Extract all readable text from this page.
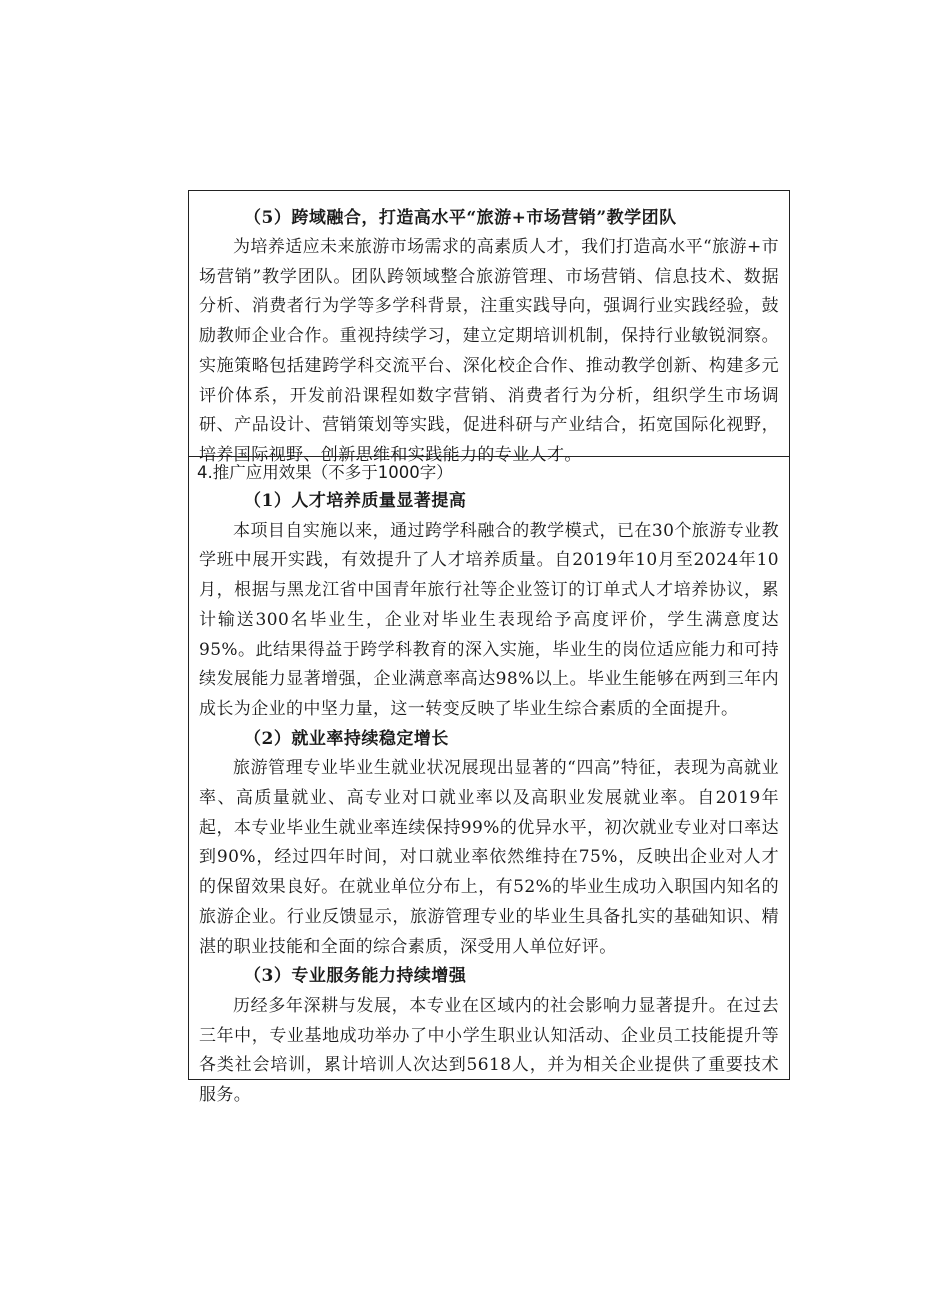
（5）跨域融合，打造高水平“旅游+市场营销”教学团队

为培养适应未来旅游市场需求的高素质人才，我们打造高水平“旅游+市场营销”教学团队。团队跨领域整合旅游管理、市场营销、信息技术、数据分析、消费者行为学等多学科背景，注重实践导向，强调行业实践经验，鼓励教师企业合作。重视持续学习，建立定期培训机制，保持行业敏锐洞察。实施策略包括建跨学科交流平台、深化校企合作、推动教学创新、构建多元评价体系，开发前沿课程如数字营销、消费者行为分析，组织学生市场调研、产品设计、营销策划等实践，促进科研与产业结合，拓宽国际化视野，培养国际视野、创新思维和实践能力的专业人才。

4.推广应用效果（不多于1000字）

（1）人才培养质量显著提高

本项目自实施以来，通过跨学科融合的教学模式，已在30个旅游专业教学班中展开实践，有效提升了人才培养质量。自2019年10月至2024年10月，根据与黑龙江省中国青年旅行社等企业签订的订单式人才培养协议，累计输送300名毕业生，企业对毕业生表现给予高度评价，学生满意度达95%。此结果得益于跨学科教育的深入实施，毕业生的岗位适应能力和可持续发展能力显著增强，企业满意率高达98%以上。毕业生能够在两到三年内成长为企业的中坚力量，这一转变反映了毕业生综合素质的全面提升。

（2）就业率持续稳定增长

旅游管理专业毕业生就业状况展现出显著的“四高”特征，表现为高就业率、高质量就业、高专业对口就业率以及高职业发展就业率。自2019年起，本专业毕业生就业率连续保持99%的优异水平，初次就业专业对口率达到90%，经过四年时间，对口就业率依然维持在75%，反映出企业对人才的保留效果良好。在就业单位分布上，有52%的毕业生成功入职国内知名的旅游企业。行业反馈显示，旅游管理专业的毕业生具备扎实的基础知识、精湛的职业技能和全面的综合素质，深受用人单位好评。

（3）专业服务能力持续增强

历经多年深耕与发展，本专业在区域内的社会影响力显著提升。在过去三年中，专业基地成功举办了中小学生职业认知活动、企业员工技能提升等各类社会培训，累计培训人次达到5618人，并为相关企业提供了重要技术服务。
